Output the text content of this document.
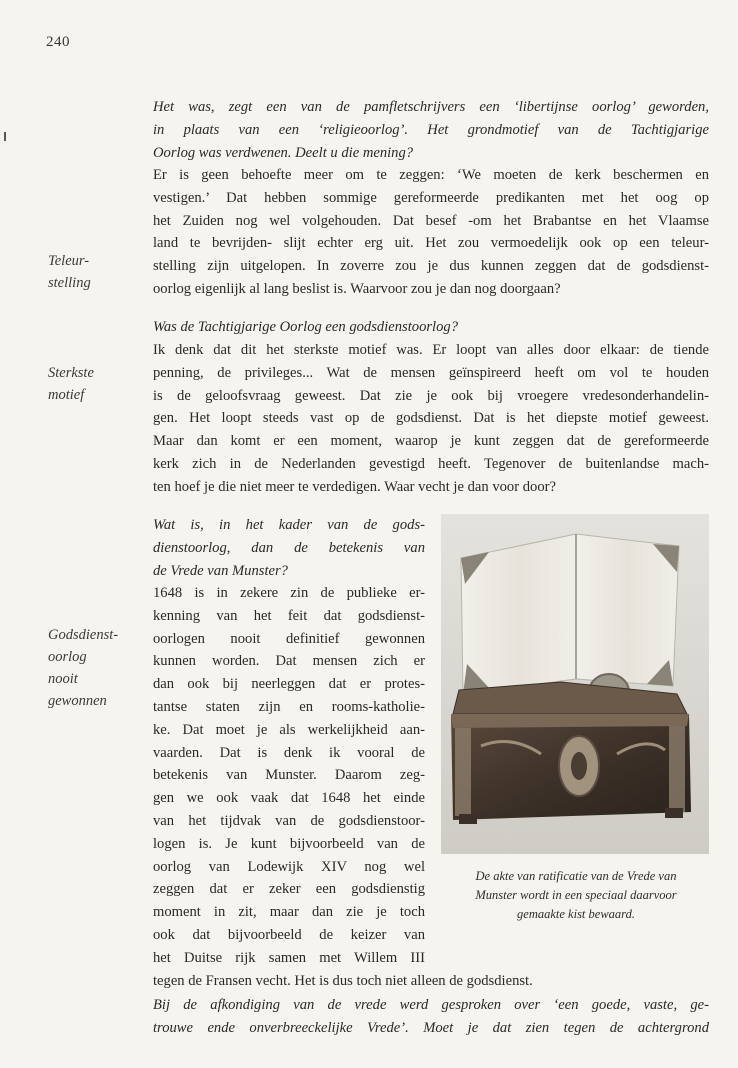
240
Teleur-
stelling
Sterkste
motief
Godsdienst-
oorlog
nooit
gewonnen
Het was, zegt een van de pamfletschrijvers een ‘libertijnse oorlog’ geworden,
in plaats van een ‘religieoorlog’. Het grondmotief van de Tachtigjarige
Oorlog was verdwenen. Deelt u die mening?
Er is geen behoefte meer om te zeggen: ‘We moeten de kerk beschermen en
vestigen.’ Dat hebben sommige gereformeerde predikanten met het oog op
het Zuiden nog wel volgehouden. Dat besef -om het Brabantse en het Vlaamse
land te bevrijden- slijt echter erg uit. Het zou vermoedelijk ook op een teleur-
stelling zijn uitgelopen. In zoverre zou je dus kunnen zeggen dat de godsdienst-
oorlog eigenlijk al lang beslist is. Waarvoor zou je dan nog doorgaan?
Was de Tachtigjarige Oorlog een godsdienstoorlog?
Ik denk dat dit het sterkste motief was. Er loopt van alles door elkaar: de tiende
penning, de privileges... Wat de mensen geïnspireerd heeft om vol te houden
is de geloofsvraag geweest. Dat zie je ook bij vroegere vredesonderhandelin-
gen. Het loopt steeds vast op de godsdienst. Dat is het diepste motief geweest.
Maar dan komt er een moment, waarop je kunt zeggen dat de gereformeerde
kerk zich in de Nederlanden gevestigd heeft. Tegenover de buitenlandse mach-
ten hoef je die niet meer te verdedigen. Waar vecht je dan voor door?
Wat is, in het kader van de gods-
dienstoorlog, dan de betekenis van
de Vrede van Munster?
1648 is in zekere zin de publieke er-
kenning van het feit dat godsdienst-
oorlogen nooit definitief gewonnen
kunnen worden. Dat mensen zich er
dan ook bij neerleggen dat er protes-
tantse staten zijn en rooms-katholie-
ke. Dat moet je als werkelijkheid aan-
vaarden. Dat is denk ik vooral de
betekenis van Munster. Daarom zeg-
gen we ook vaak dat 1648 het einde
van het tijdvak van de godsdienstoor-
logen is. Je kunt bijvoorbeeld van de
oorlog van Lodewijk XIV nog wel
zeggen dat er zeker een godsdienstig
moment in zit, maar dan zie je toch
ook dat bijvoorbeeld de keizer van
het Duitse rijk samen met Willem III
tegen de Fransen vecht. Het is dus toch niet alleen de godsdienst.
Bij de afkondiging van de vrede werd gesproken over ‘een goede, vaste, ge-
trouwe ende onverbreeckelijke Vrede’. Moet je dat zien tegen de achtergrond
De akte van ratificatie van de Vrede van
Munster wordt in een speciaal daarvoor
gemaakte kist bewaard.
